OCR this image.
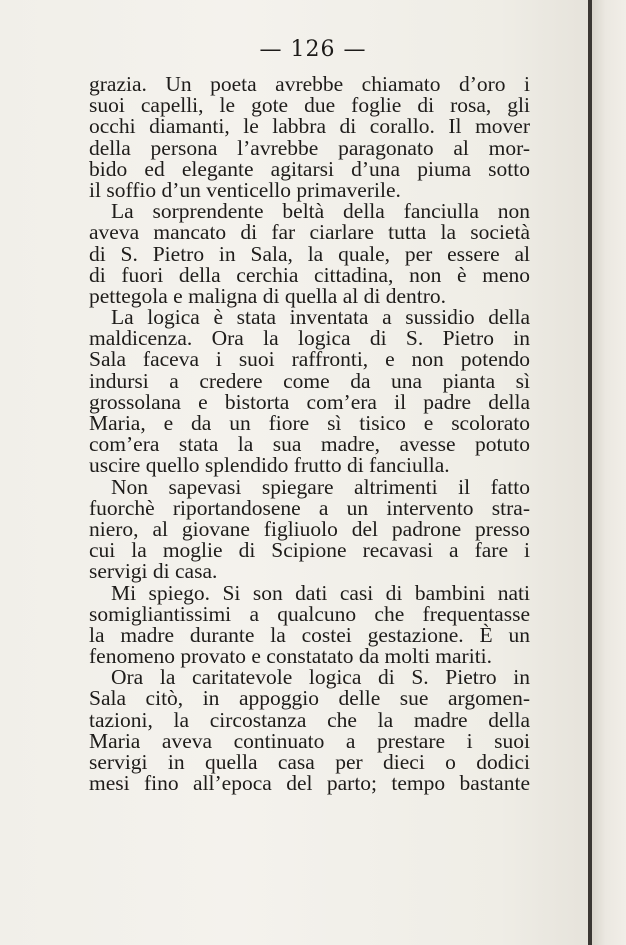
— 126 —
grazia. Un poeta avrebbe chiamato d’oro i
suoi capelli, le gote due foglie di rosa, gli
occhi diamanti, le labbra di corallo. Il mover
della persona l’avrebbe paragonato al mor-
bido ed elegante agitarsi d’una piuma sotto
il soffio d’un venticello primaverile.
La sorprendente beltà della fanciulla non
aveva mancato di far ciarlare tutta la società
di S. Pietro in Sala, la quale, per essere al
di fuori della cerchia cittadina, non è meno
pettegola e maligna di quella al di dentro.
La logica è stata inventata a sussidio della
maldicenza. Ora la logica di S. Pietro in
Sala faceva i suoi raffronti, e non potendo
indursi a credere come da una pianta sì
grossolana e bistorta com’era il padre della
Maria, e da un fiore sì tisico e scolorato
com’era stata la sua madre, avesse potuto
uscire quello splendido frutto di fanciulla.
Non sapevasi spiegare altrimenti il fatto
fuorchè riportandosene a un intervento stra-
niero, al giovane figliuolo del padrone presso
cui la moglie di Scipione recavasi a fare i
servigi di casa.
Mi spiego. Si son dati casi di bambini nati
somigliantissimi a qualcuno che frequentasse
la madre durante la costei gestazione. È un
fenomeno provato e constatato da molti mariti.
Ora la caritatevole logica di S. Pietro in
Sala citò, in appoggio delle sue argomen-
tazioni, la circostanza che la madre della
Maria aveva continuato a prestare i suoi
servigi in quella casa per dieci o dodici
mesi fino all’epoca del parto; tempo bastante
